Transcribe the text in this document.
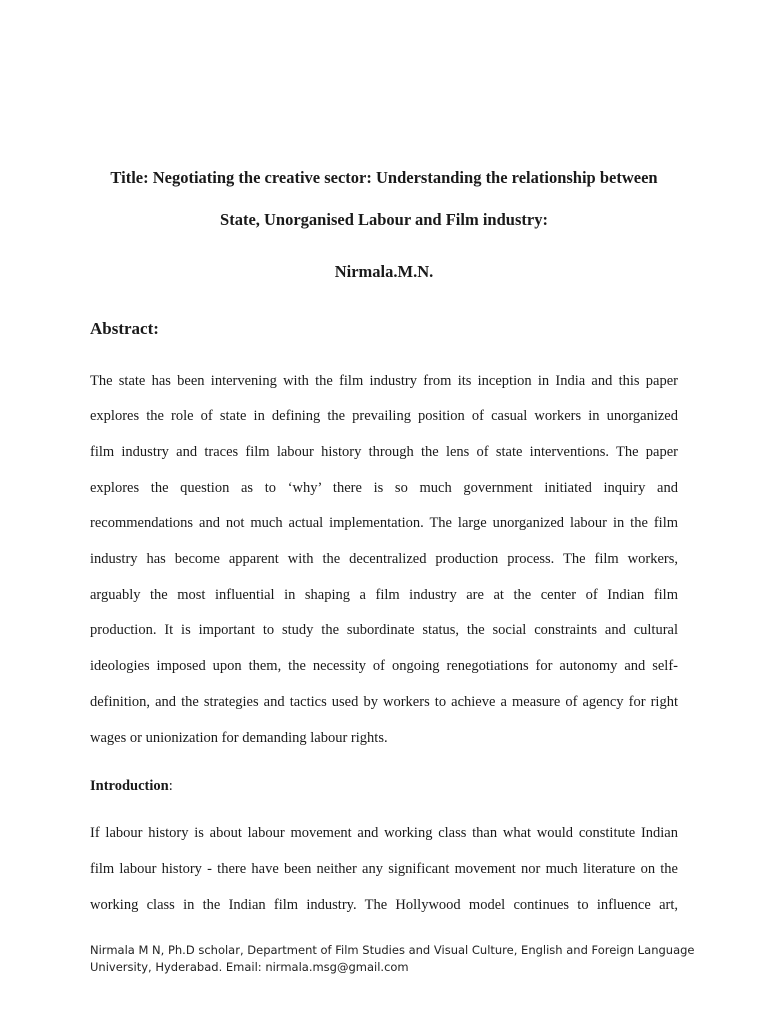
Title: Negotiating the creative sector: Understanding the relationship between
State, Unorganised Labour and Film industry:
Nirmala.M.N.
Abstract:
The state has been intervening with the film industry from its inception in India and this paper
explores the role of state in defining the prevailing position of casual workers in unorganized
film industry and traces film labour history through the lens of state interventions. The paper
explores the question as to ‘why’ there is so much government initiated inquiry and
recommendations and not much actual implementation. The large unorganized labour in the film
industry has become apparent with the decentralized production process. The film workers,
arguably the most influential in shaping a film industry are at the center of Indian film
production. It is important to study the subordinate status, the social constraints and cultural
ideologies imposed upon them, the necessity of ongoing renegotiations for autonomy and self-
definition, and the strategies and tactics used by workers to achieve a measure of agency for right
wages or unionization for demanding labour rights.
Introduction:
If labour history is about labour movement and working class than what would constitute Indian
film labour history - there have been neither any significant movement nor much literature on the
working class in the Indian film industry. The Hollywood model continues to influence art,
Nirmala M N, Ph.D scholar, Department of Film Studies and Visual Culture, English and Foreign Language
University, Hyderabad. Email: nirmala.msg@gmail.com
